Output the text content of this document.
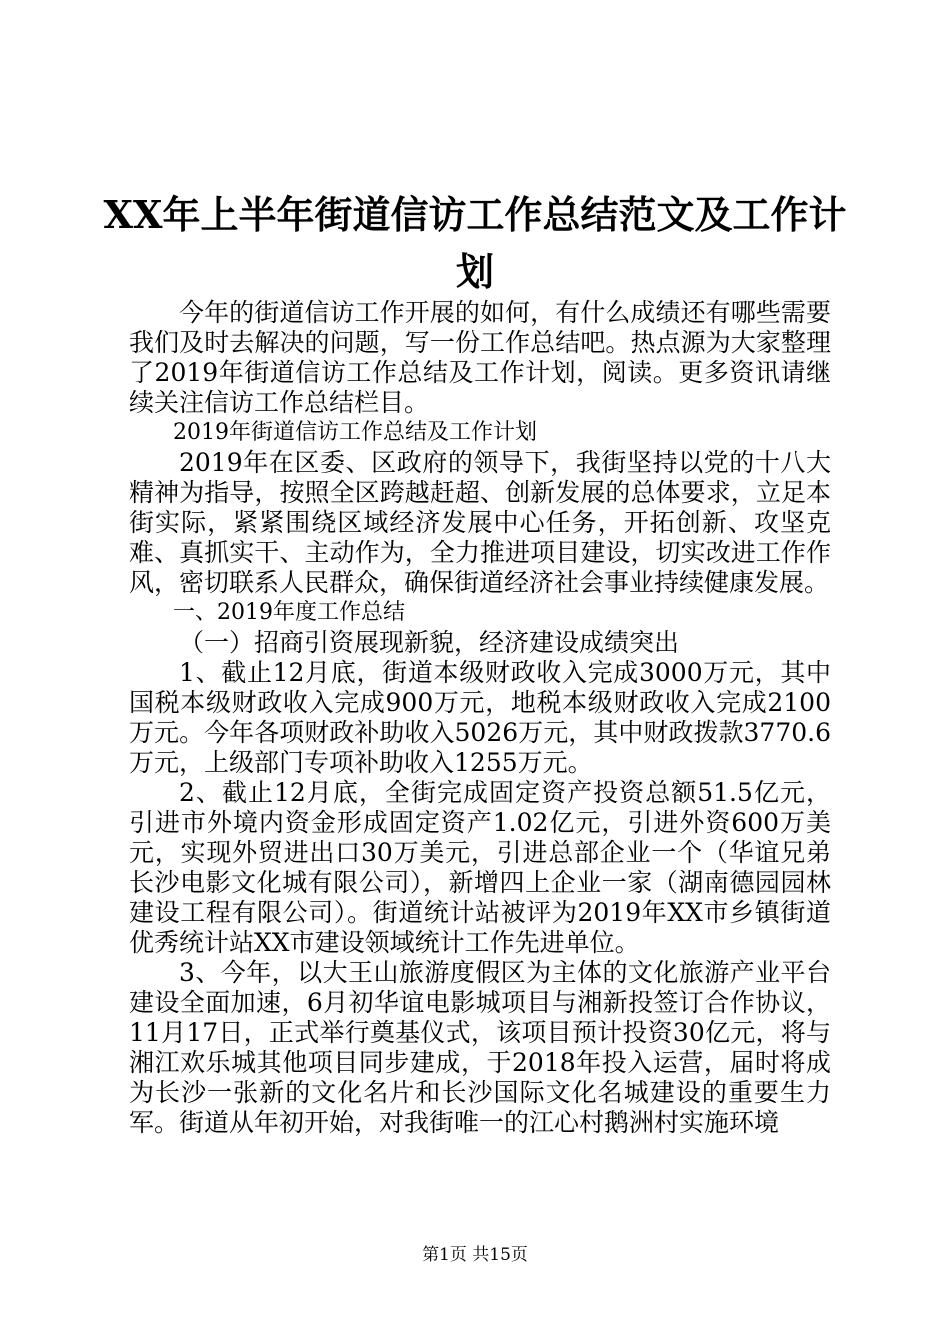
XX年上半年街道信访工作总结范文及工作计划

今年的街道信访工作开展的如何，有什么成绩还有哪些需要我们及时去解决的问题，写一份工作总结吧。热点源为大家整理了2019年街道信访工作总结及工作计划，阅读。更多资讯请继续关注信访工作总结栏目。

2019年街道信访工作总结及工作计划

2019年在区委、区政府的领导下，我街坚持以党的十八大精神为指导，按照全区跨越赶超、创新发展的总体要求，立足本街实际，紧紧围绕区域经济发展中心任务，开拓创新、攻坚克难、真抓实干、主动作为，全力推进项目建设，切实改进工作作风，密切联系人民群众，确保街道经济社会事业持续健康发展。

一、2019年度工作总结

（一）招商引资展现新貌，经济建设成绩突出

1、截止12月底，街道本级财政收入完成3000万元，其中国税本级财政收入完成900万元，地税本级财政收入完成2100万元。今年各项财政补助收入5026万元，其中财政拨款3770.6万元，上级部门专项补助收入1255万元。

2、截止12月底，全街完成固定资产投资总额51.5亿元，引进市外境内资金形成固定资产1.02亿元，引进外资600万美元，实现外贸进出口30万美元，引进总部企业一个（华谊兄弟长沙电影文化城有限公司），新增四上企业一家（湖南德园园林建设工程有限公司）。街道统计站被评为2019年XX市乡镇街道优秀统计站XX市建设领域统计工作先进单位。

3、今年，以大王山旅游度假区为主体的文化旅游产业平台建设全面加速，6月初华谊电影城项目与湘新投签订合作协议，11月17日，正式举行奠基仪式，该项目预计投资30亿元，将与湘江欢乐城其他项目同步建成，于2018年投入运营，届时将成为长沙一张新的文化名片和长沙国际文化名城建设的重要生力军。街道从年初开始，对我街唯一的江心村鹅洲村实施环境

第1页 共15页
